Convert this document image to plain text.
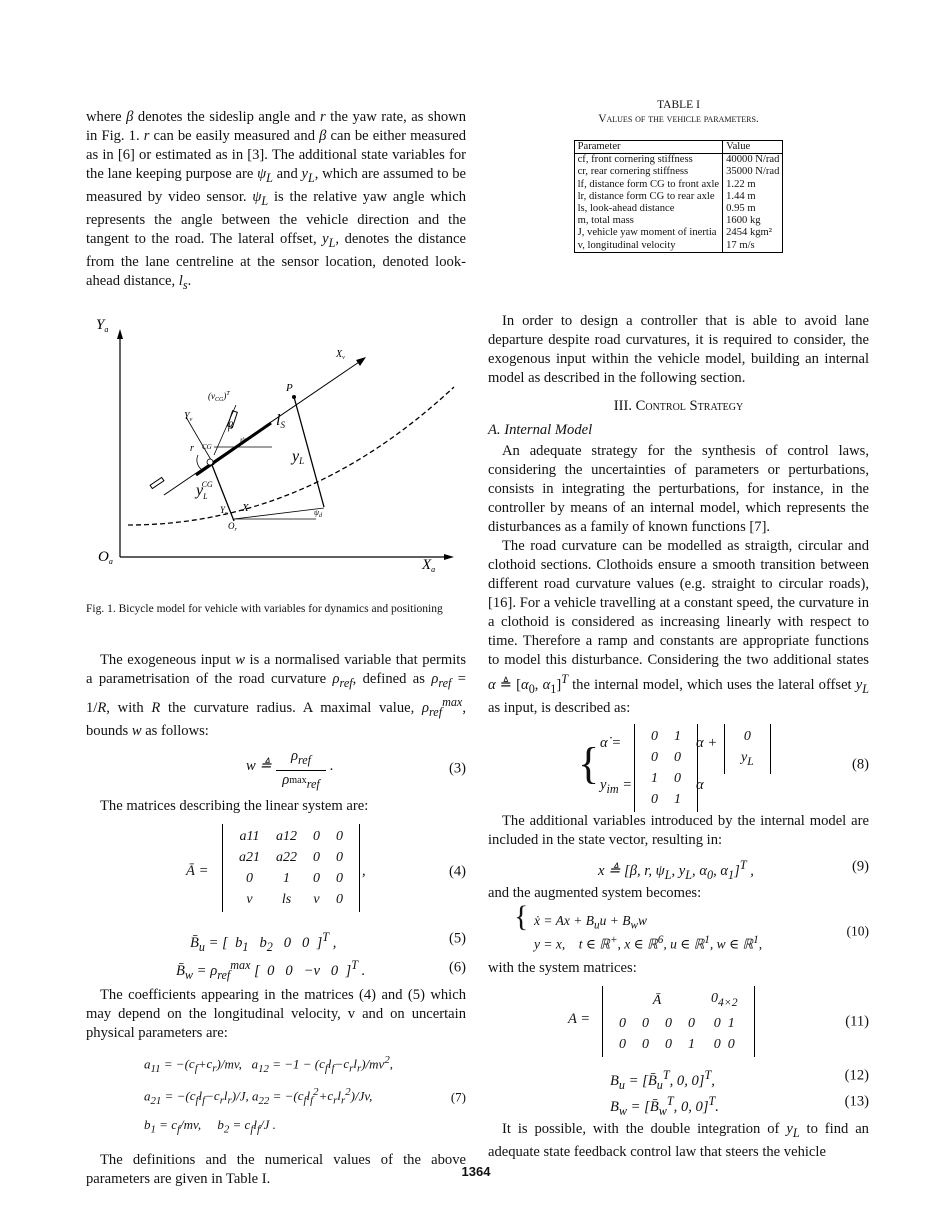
where β denotes the sideslip angle and r the yaw rate, as shown in Fig. 1. r can be easily measured and β can be either measured as in [6] or estimated as in [3]. The additional state variables for the lane keeping purpose are $\psi_L$ and $y_L$, which are assumed to be measured by video sensor. $\psi_L$ is the relative yaw angle which represents the angle between the vehicle direction and the tangent to the road. The lateral offset, $y_L$, denotes the distance from the lane centreline at the sensor location, denoted look-ahead distance, $l_s$.

$Y_a$
$O_a$	$X_a$
$X_v$
$Y_v$
$(v_{CG})^T$
β
ψ
CG
r
P
lS
yL
$y_LCG$
X
$Y_r$
$O_r$
$\psi_d$
Fig. 1. Bicycle model for vehicle with variables for dynamics and positioning

The exogeneous input w is a normalised variable that permits a parametrisation of the road curvature $\rho_{ref}$, defined as $\rho_{ref} = 1/R$, with R the curvature radius. A maximal value, $\rho_{ref}^{max}$, bounds w as follows:

w ≜
$\rho_{ref}$
$\rho_{^{max}ref}$
.	(3)

The matrices describing the linear system are:

Ā =
a11	a12	0	0
a21	a22	0	0
0	1	0	0
v	ls	v	0
,	(4)
$B̄_u$ = [  $b_1$ $b_2$   0   0  ]$^T$ ,	(5)
$B̄_w = \rho_{ref}^{max}$ [  0   0   −v   0  ]$^T$ .	(6)

The coefficients appearing in the matrices (4) and (5) which may depend on the longitudinal velocity, v and on uncertain physical parameters are:

$a_{11} = -(c_f+c_r)/mv$,   $a_{12} = -1 - (c_fl_f-c_rl_r)/mv^2$,
$a_{21} = -(c_fl_f-c_rl_r)/J$, $a_{22} = -(c_fl_f^2+c_rl_r^2)/Jv$,
$b_1 = c_f/mv$,     $b_2 = c_fl_f/J$ .
(7)

The definitions and the numerical values of the above parameters are given in Table I.

TABLE I
Values of the vehicle parameters.
Parameter	Value
cf, front cornering stiffness	40000 N/rad
cr, rear cornering stiffness	35000 N/rad
lf, distance form CG to front axle	1.22 m
lr, distance form CG to rear axle	1.44 m
ls, look-ahead distance	0.95 m
m, total mass	1600 kg
J, vehicle yaw moment of inertia	2454 kgm²
v, longitudinal velocity	17 m/s

In order to design a controller that is able to avoid lane departure despite road curvatures, it is required to consider, the exogenous input within the vehicle model, building an internal model as described in the following section.

III. Control Strategy
A. Internal Model

An adequate strategy for the synthesis of control laws, considering the uncertainties of parameters or perturbations, consists in integrating the perturbations, for instance, in the controller by means of an internal model, which represents the disturbances as a family of known functions [7].

The road curvature can be modelled as straigth, circular and clothoid sections. Clothoids ensure a smooth transition between different road curvature values (e.g. straight to circular roads), [16]. For a vehicle travelling at a constant speed, the curvature in a clothoid is considered as increasing linearly with respect to time. Therefore a ramp and constants are appropriate functions to model this disturbance. Considering the two additional states α ≜ [$\alpha_0$, $\alpha_1]^T$ the internal model, which uses the lateral offset $y_L$ as input, is described as:

{ α̇ = 0	1
0	0
α + 0
$y_L$
$y_{im} = 1$	0
0	1
α
(8)

The additional variables introduced by the internal model are included in the state vector, resulting in:

x ≜ [β, r, $\psi_L$, $y_L$, $\alpha_0$, $\alpha_1]^T$ ,	(9)

and the augmented system becomes:

{ ẋ = $Ax + B_uu + B_ww$
y = x,    t ∈ ℝ+, x ∈ ℝ$^6$, u ∈ ℝ$^1$, w ∈ ℝ$^1$,
(10)

with the system matrices:

A =
Ā				$0_{4\times 2}$
0	0	0	0	0  1
0	0	0	1	0  0
(11)
$B_u$ = [$B̄_u^T$, 0, 0]$^T$,	(12)
$B_w$ = [$B̄_w^T$, 0, 0]$^T$.	(13)

It is possible, with the double integration of $y_L$ to find an adequate state feedback control law that steers the vehicle

1364
